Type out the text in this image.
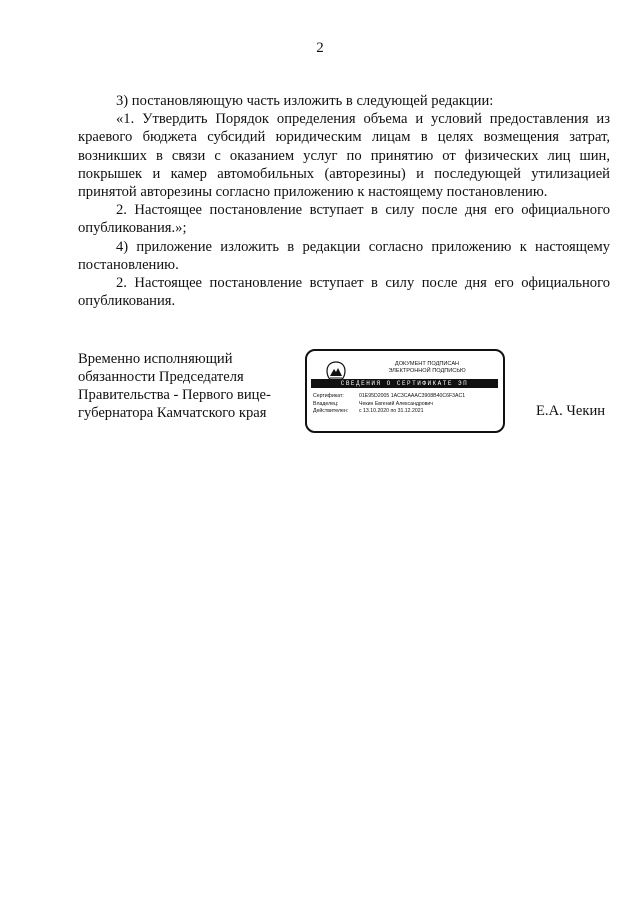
2

3) постановляющую часть изложить в следующей редакции:

«1. Утвердить Порядок определения объема и условий предоставления из краевого бюджета субсидий юридическим лицам в целях возмещения затрат, возникших в связи с оказанием услуг по принятию от физических лиц шин, покрышек и камер автомобильных (авторезины) и последующей утилизацией принятой авторезины согласно приложению к настоящему постановлению.

2. Настоящее постановление вступает в силу после дня его официального опубликования.»;

4) приложение изложить в редакции согласно приложению к настоящему постановлению.

2. Настоящее постановление вступает в силу после дня его официального опубликования.

Временно исполняющий
обязанности Председателя
Правительства - Первого вице-
губернатора Камчатского края
ДОКУМЕНТ ПОДПИСАН
ЭЛЕКТРОННОЙ ПОДПИСЬЮ
СВЕДЕНИЯ О СЕРТИФИКАТЕ ЭП
Сертификат:	01E95D2005 1AC3CAAAC3908B40C6F3AC1
Владелец:	Чекин Евгений Александрович
Действителен:	с 13.10.2020 по 31.12.2021	Е.А. Чекин
